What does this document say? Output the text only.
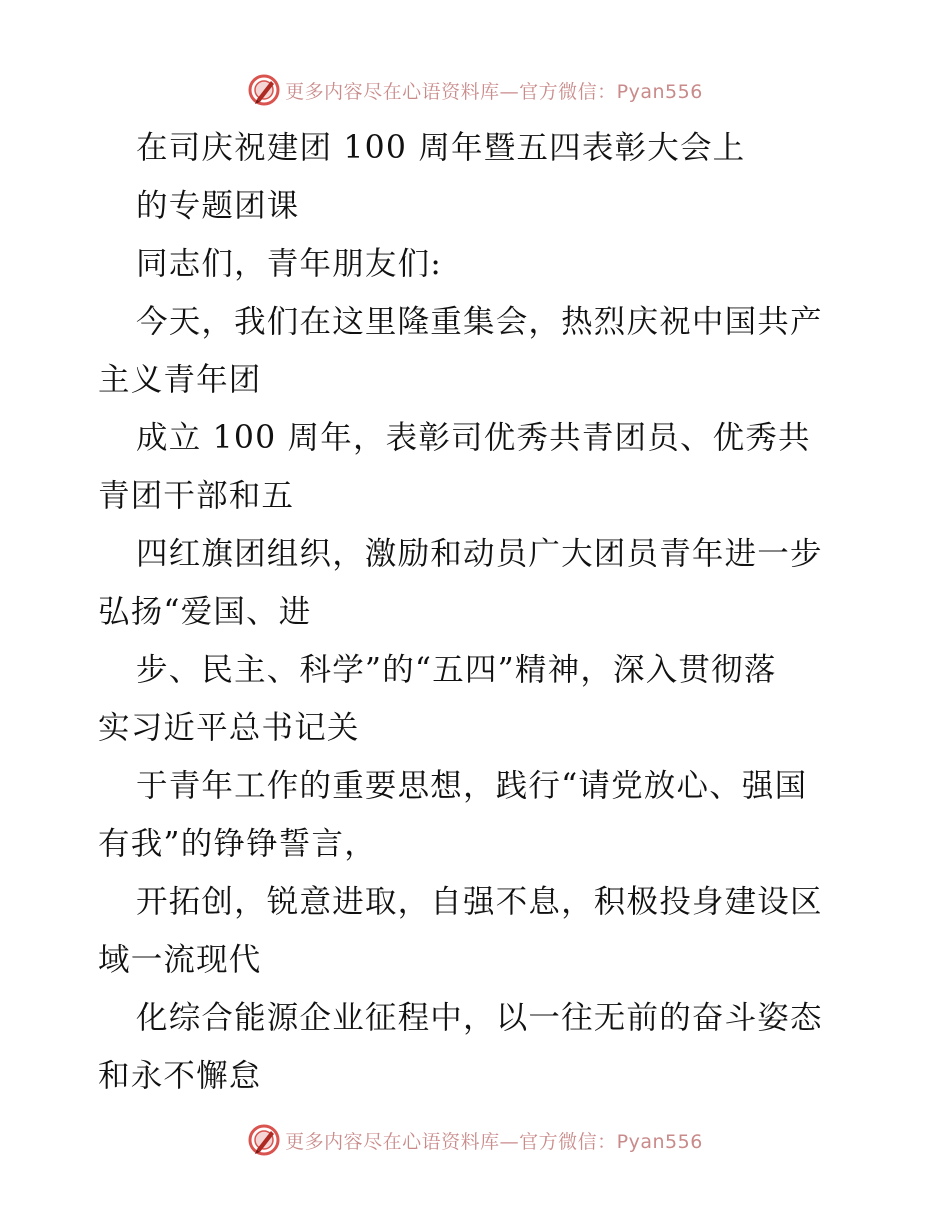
更多内容尽在心语资料库—官方微信：Pyan556
在司庆祝建团 100 周年暨五四表彰大会上
的专题团课
同志们，青年朋友们:
今天，我们在这里隆重集会，热烈庆祝中国共产
主义青年团
成立 100 周年，表彰司优秀共青团员、优秀共
青团干部和五
四红旗团组织，激励和动员广大团员青年进一步
弘扬“爱国、进
步、民主、科学”的“五四”精神，深入贯彻落
实习近平总书记关
于青年工作的重要思想，践行“请党放心、强国
有我”的铮铮誓言，
开拓创，锐意进取，自强不息，积极投身建设区
域一流现代
化综合能源企业征程中，以一往无前的奋斗姿态
和永不懈怠
更多内容尽在心语资料库—官方微信：Pyan556
